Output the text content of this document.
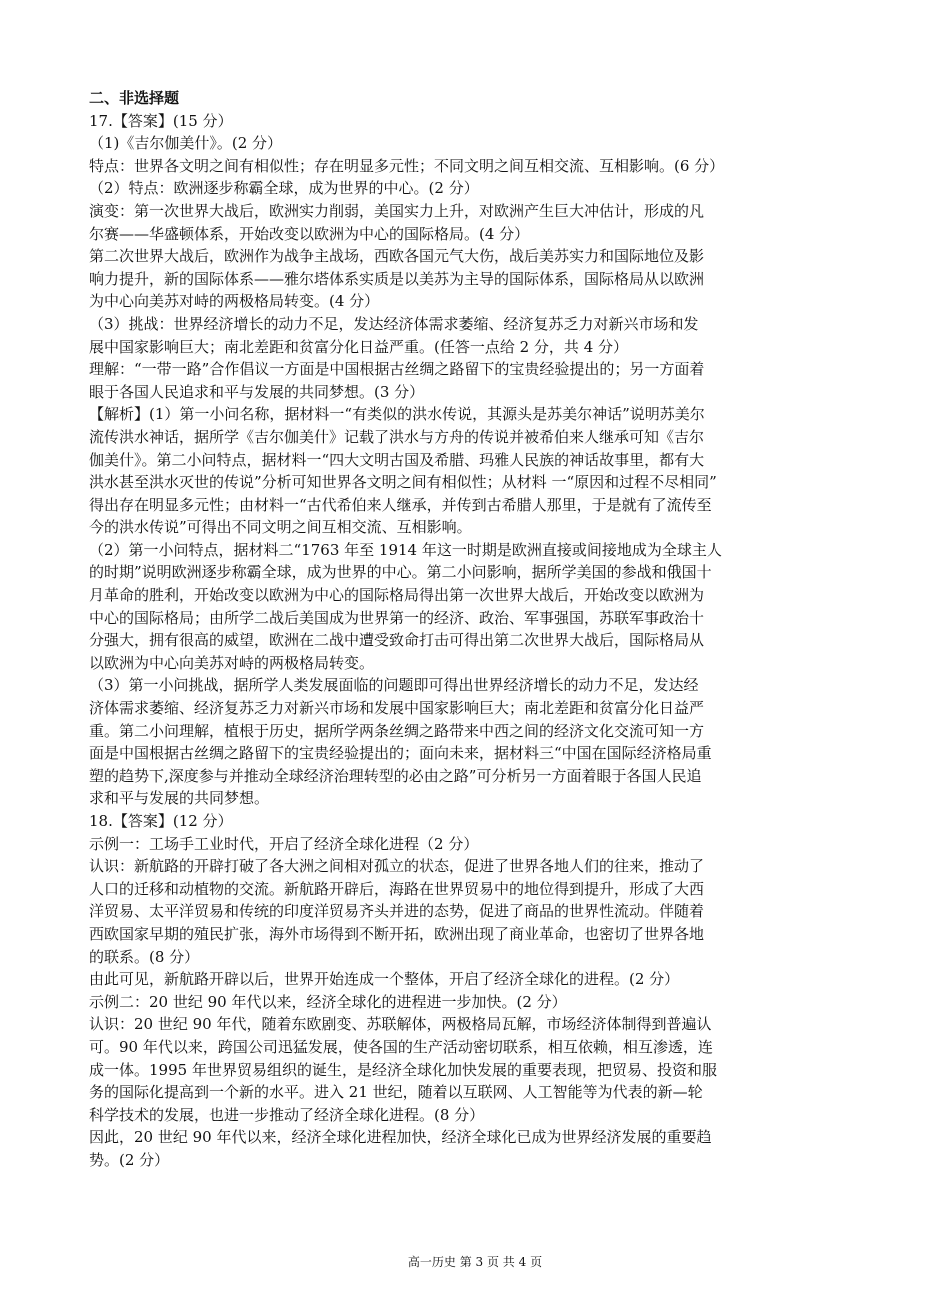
二、非选择题
17.【答案】(15 分）
（1)《吉尔伽美什》。(2 分）
特点：世界各文明之间有相似性；存在明显多元性；不同文明之间互相交流、互相影响。(6 分）
（2）特点：欧洲逐步称霸全球，成为世界的中心。(2 分）
演变：第一次世界大战后，欧洲实力削弱，美国实力上升，对欧洲产生巨大冲估计，形成的凡
尔赛——华盛顿体系，开始改变以欧洲为中心的国际格局。(4 分）
第二次世界大战后，欧洲作为战争主战场，西欧各国元气大伤，战后美苏实力和国际地位及影
响力提升，新的国际体系——雅尔塔体系实质是以美苏为主导的国际体系，国际格局从以欧洲
为中心向美苏对峙的两极格局转变。(4 分）
（3）挑战：世界经济增长的动力不足，发达经济体需求萎缩、经济复苏乏力对新兴市场和发
展中国家影响巨大；南北差距和贫富分化日益严重。(任答一点给 2 分，共 4 分）
理解：“一带一路”合作倡议一方面是中国根据古丝绸之路留下的宝贵经验提出的；另一方面着
眼于各国人民追求和平与发展的共同梦想。(3 分）
【解析】(1）第一小问名称，据材料一“有类似的洪水传说，其源头是苏美尔神话”说明苏美尔
流传洪水神话，据所学《吉尔伽美什》记载了洪水与方舟的传说并被希伯来人继承可知《吉尔
伽美什》。第二小问特点，据材料一“四大文明古国及希腊、玛雅人民族的神话故事里，都有大
洪水甚至洪水灭世的传说”分析可知世界各文明之间有相似性；从材料 一“原因和过程不尽相同”
得出存在明显多元性；由材料一“古代希伯来人继承，并传到古希腊人那里，于是就有了流传至
今的洪水传说”可得出不同文明之间互相交流、互相影响。
（2）第一小问特点，据材料二“1763 年至 1914 年这一时期是欧洲直接或间接地成为全球主人
的时期”说明欧洲逐步称霸全球，成为世界的中心。第二小问影响，据所学美国的参战和俄国十
月革命的胜利，开始改变以欧洲为中心的国际格局得出第一次世界大战后，开始改变以欧洲为
中心的国际格局；由所学二战后美国成为世界第一的经济、政治、军事强国，苏联军事政治十
分强大，拥有很高的威望，欧洲在二战中遭受致命打击可得出第二次世界大战后，国际格局从
以欧洲为中心向美苏对峙的两极格局转变。
（3）第一小问挑战，据所学人类发展面临的问题即可得出世界经济增长的动力不足，发达经
济体需求萎缩、经济复苏乏力对新兴市场和发展中国家影响巨大；南北差距和贫富分化日益严
重。第二小问理解，植根于历史，据所学两条丝绸之路带来中西之间的经济文化交流可知一方
面是中国根据古丝绸之路留下的宝贵经验提出的；面向未来，据材料三“中国在国际经济格局重
塑的趋势下,深度参与并推动全球经济治理转型的必由之路”可分析另一方面着眼于各国人民追
求和平与发展的共同梦想。
18.【答案】(12 分）
示例一：工场手工业时代，开启了经济全球化进程（2 分）
认识：新航路的开辟打破了各大洲之间相对孤立的状态，促进了世界各地人们的往来，推动了
人口的迁移和动植物的交流。新航路开辟后，海路在世界贸易中的地位得到提升，形成了大西
洋贸易、太平洋贸易和传统的印度洋贸易齐头并进的态势，促进了商品的世界性流动。伴随着
西欧国家早期的殖民扩张，海外市场得到不断开拓，欧洲出现了商业革命，也密切了世界各地
的联系。(8 分）
由此可见，新航路开辟以后，世界开始连成一个整体，开启了经济全球化的进程。(2 分）
示例二：20 世纪 90 年代以来，经济全球化的进程进一步加快。(2 分）
认识：20 世纪 90 年代，随着东欧剧变、苏联解体，两极格局瓦解，市场经济体制得到普遍认
可。90 年代以来，跨国公司迅猛发展，使各国的生产活动密切联系，相互依赖，相互渗透，连
成一体。1995 年世界贸易组织的诞生，是经济全球化加快发展的重要表现，把贸易、投资和服
务的国际化提高到一个新的水平。进入 21 世纪，随着以互联网、人工智能等为代表的新—轮
科学技术的发展，也进一步推动了经济全球化进程。(8 分）
因此，20 世纪 90 年代以来，经济全球化进程加快，经济全球化已成为世界经济发展的重要趋
势。(2 分）
高一历史 第 3 页 共 4 页
